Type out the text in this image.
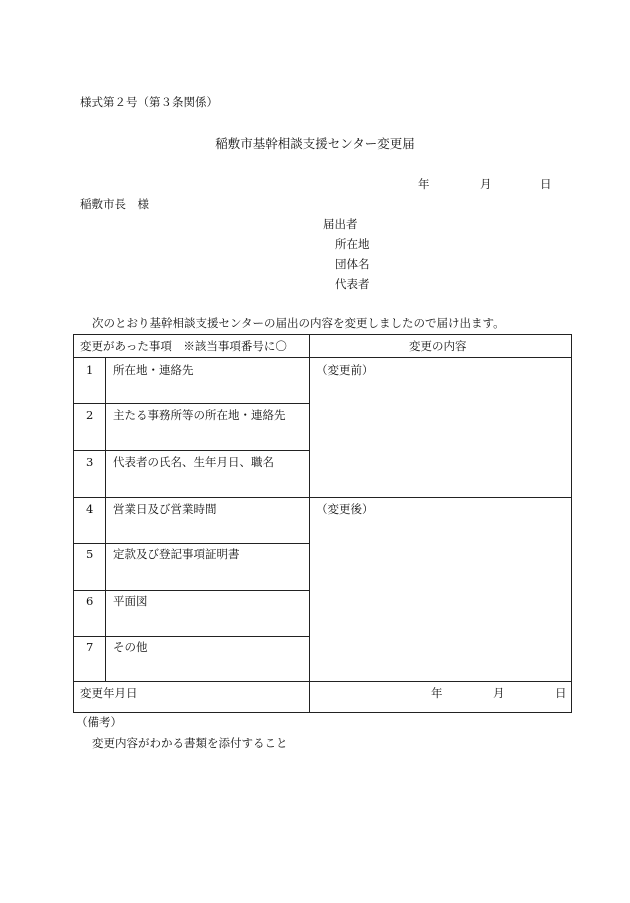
様式第２号（第３条関係）
稲敷市基幹相談支援センター変更届
年	月	日
稲敷市長　様
届出者
所在地
団体名
代表者
次のとおり基幹相談支援センターの届出の内容を変更しましたので届け出ます。
変更があった事項　※該当事項番号に〇	変更の内容
1 所在地・連絡先
2 主たる事務所等の所在地・連絡先
3 代表者の氏名、生年月日、職名
4 営業日及び営業時間
5 定款及び登記事項証明書
6 平面図
7 その他
（変更前）
（変更後）
変更年月日	年	月	日
（備考）
変更内容がわかる書類を添付すること
